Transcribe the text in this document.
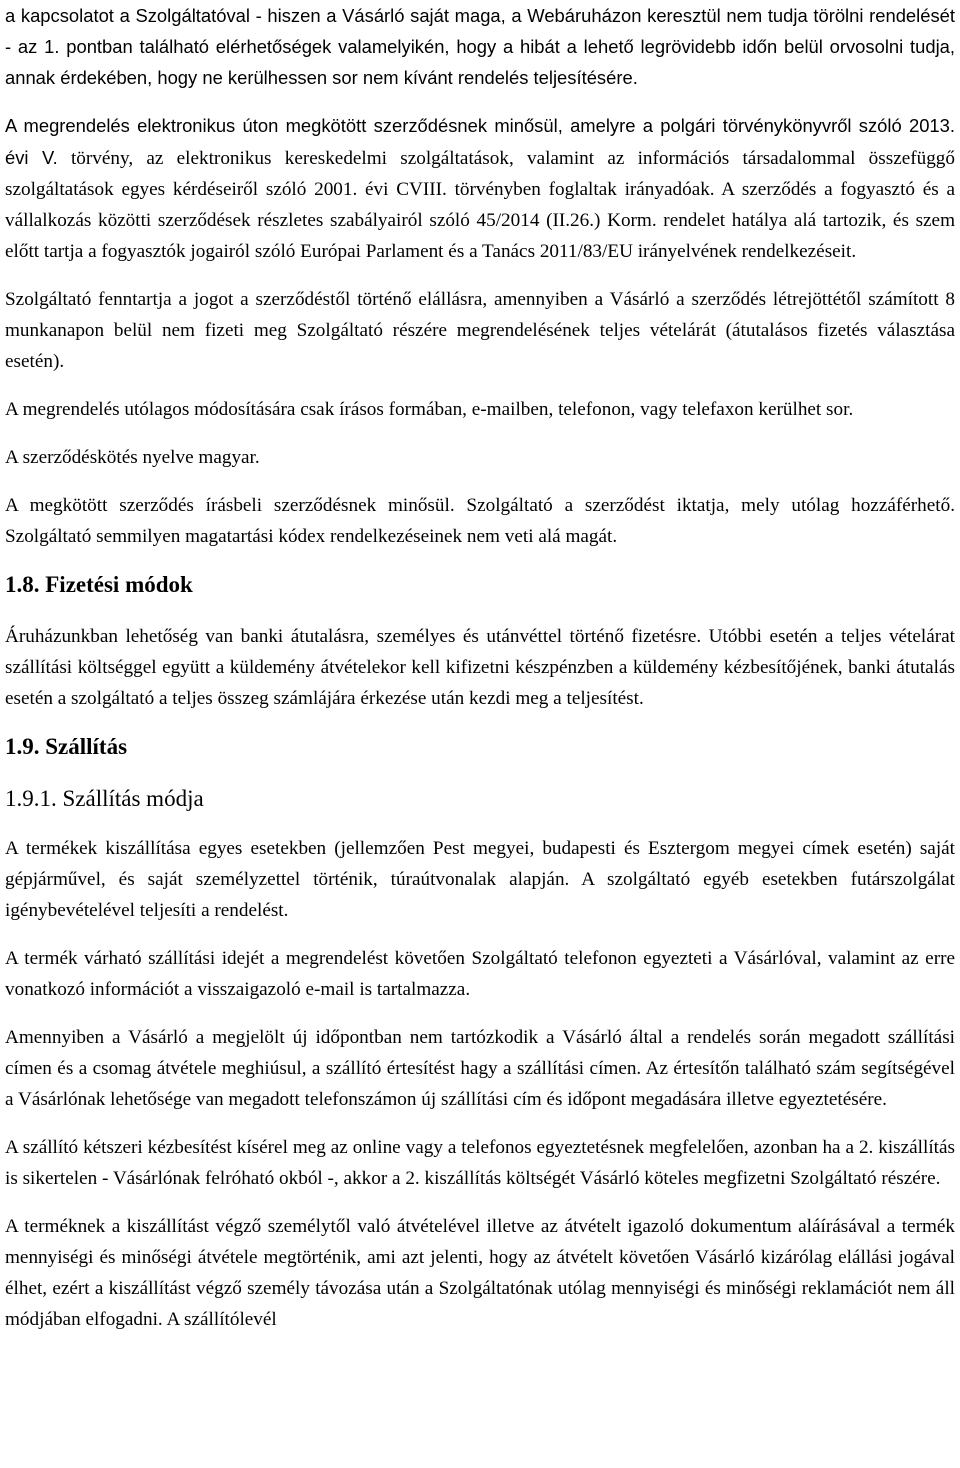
a kapcsolatot a Szolgáltatóval - hiszen a Vásárló saját maga, a Webáruházon keresztül nem tudja törölni rendelését - az 1. pontban található elérhetőségek valamelyikén, hogy a hibát a lehető legrövidebb időn belül orvosolni tudja, annak érdekében, hogy ne kerülhessen sor nem kívánt rendelés teljesítésére.

A megrendelés elektronikus úton megkötött szerződésnek minősül, amelyre a polgári törvénykönyvről szóló 2013. évi V. törvény, az elektronikus kereskedelmi szolgáltatások, valamint az információs társadalommal összefüggő szolgáltatások egyes kérdéseiről szóló 2001. évi CVIII. törvényben foglaltak irányadóak. A szerződés a fogyasztó és a vállalkozás közötti szerződések részletes szabályairól szóló 45/2014 (II.26.) Korm. rendelet hatálya alá tartozik, és szem előtt tartja a fogyasztók jogairól szóló Európai Parlament és a Tanács 2011/83/EU irányelvének rendelkezéseit.

Szolgáltató fenntartja a jogot a szerződéstől történő elállásra, amennyiben a Vásárló a szerződés létrejöttétől számított 8 munkanapon belül nem fizeti meg Szolgáltató részére megrendelésének teljes vételárát (átutalásos fizetés választása esetén).

A megrendelés utólagos módosítására csak írásos formában, e-mailben, telefonon, vagy telefaxon kerülhet sor.

A szerződéskötés nyelve magyar.

A megkötött szerződés írásbeli szerződésnek minősül. Szolgáltató a szerződést iktatja, mely utólag hozzáférhető. Szolgáltató semmilyen magatartási kódex rendelkezéseinek nem veti alá magát.

1.8. Fizetési módok

Áruházunkban lehetőség van banki átutalásra, személyes és utánvéttel történő fizetésre. Utóbbi esetén a teljes vételárat szállítási költséggel együtt a küldemény átvételekor kell kifizetni készpénzben a küldemény kézbesítőjének, banki átutalás esetén a szolgáltató a teljes összeg számlájára érkezése után kezdi meg a teljesítést.

1.9. Szállítás
1.9.1. Szállítás módja

A termékek kiszállítása egyes esetekben (jellemzően Pest megyei, budapesti és Esztergom megyei címek esetén) saját gépjárművel, és saját személyzettel történik, túraútvonalak alapján. A szolgáltató egyéb esetekben futárszolgálat igénybevételével teljesíti a rendelést.

A termék várható szállítási idejét a megrendelést követően Szolgáltató telefonon egyezteti a Vásárlóval, valamint az erre vonatkozó információt a visszaigazoló e-mail is tartalmazza.

Amennyiben a Vásárló a megjelölt új időpontban nem tartózkodik a Vásárló által a rendelés során megadott szállítási címen és a csomag átvétele meghiúsul, a szállító értesítést hagy a szállítási címen. Az értesítőn található szám segítségével a Vásárlónak lehetősége van megadott telefonszámon új szállítási cím és időpont megadására illetve egyeztetésére.

A szállító kétszeri kézbesítést kísérel meg az online vagy a telefonos egyeztetésnek megfelelően, azonban ha a 2. kiszállítás is sikertelen - Vásárlónak felróható okból -, akkor a 2. kiszállítás költségét Vásárló köteles megfizetni Szolgáltató részére.

A terméknek a kiszállítást végző személytől való átvételével illetve az átvételt igazoló dokumentum aláírásával a termék mennyiségi és minőségi átvétele megtörténik, ami azt jelenti, hogy az átvételt követően Vásárló kizárólag elállási jogával élhet, ezért a kiszállítást végző személy távozása után a Szolgáltatónak utólag mennyiségi és minőségi reklamációt nem áll módjában elfogadni. A szállítólevél
